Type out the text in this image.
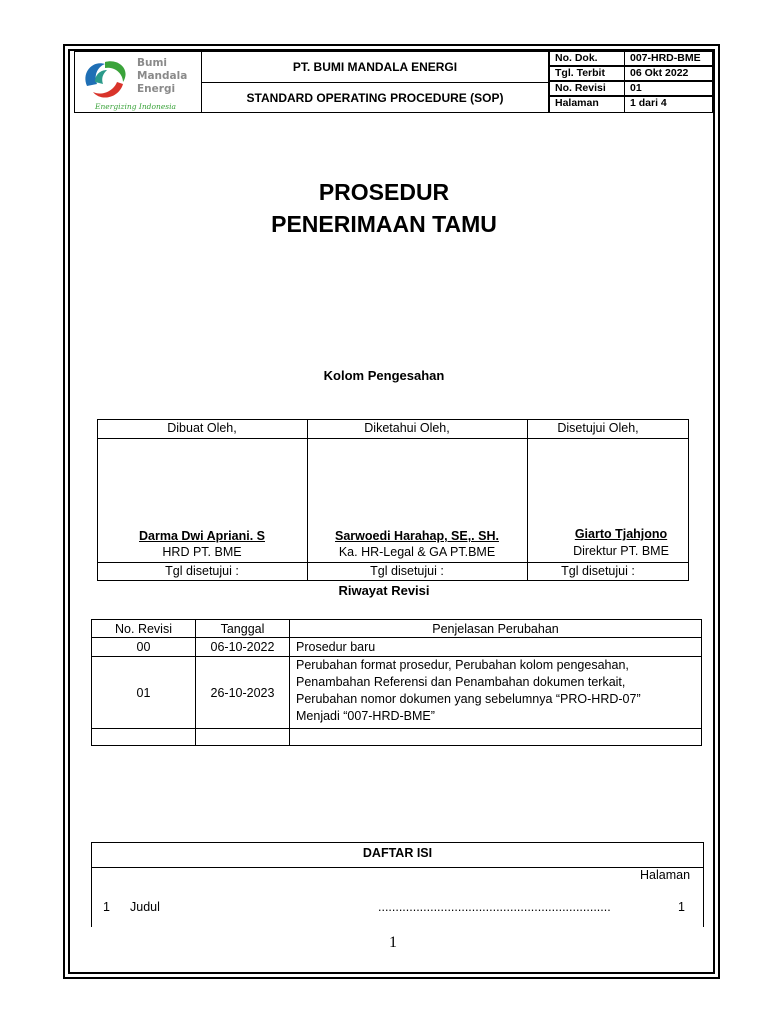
Bumi
Mandala
Energi
Energizing Indonesia
PT. BUMI MANDALA ENERGI
STANDARD OPERATING PROCEDURE (SOP)
No. Dok.	007-HRD-BME
Tgl. Terbit	06 Okt 2022
No. Revisi	01
Halaman	1 dari 4
PROSEDUR
PENERIMAAN TAMU
Kolom Pengesahan
Dibuat Oleh,	Diketahui Oleh,	Disetujui Oleh,
Darma Dwi Apriani. S
HRD PT. BME
Sarwoedi Harahap, SE,. SH.
Ka. HR-Legal & GA PT.BME
Giarto Tjahjono
Direktur PT. BME
Tgl disetujui :	Tgl disetujui :	Tgl disetujui :
Riwayat Revisi
No. Revisi	Tanggal	Penjelasan Perubahan
00	06-10-2022	Prosedur baru
01	26-10-2023
Perubahan format prosedur, Perubahan kolom pengesahan,
Penambahan Referensi dan Penambahan dokumen terkait,
Perubahan nomor dokumen yang sebelumnya “PRO-HRD-07”
Menjadi “007-HRD-BME”
DAFTAR ISI
Halaman
1 Judul	...................................................................	1
1
